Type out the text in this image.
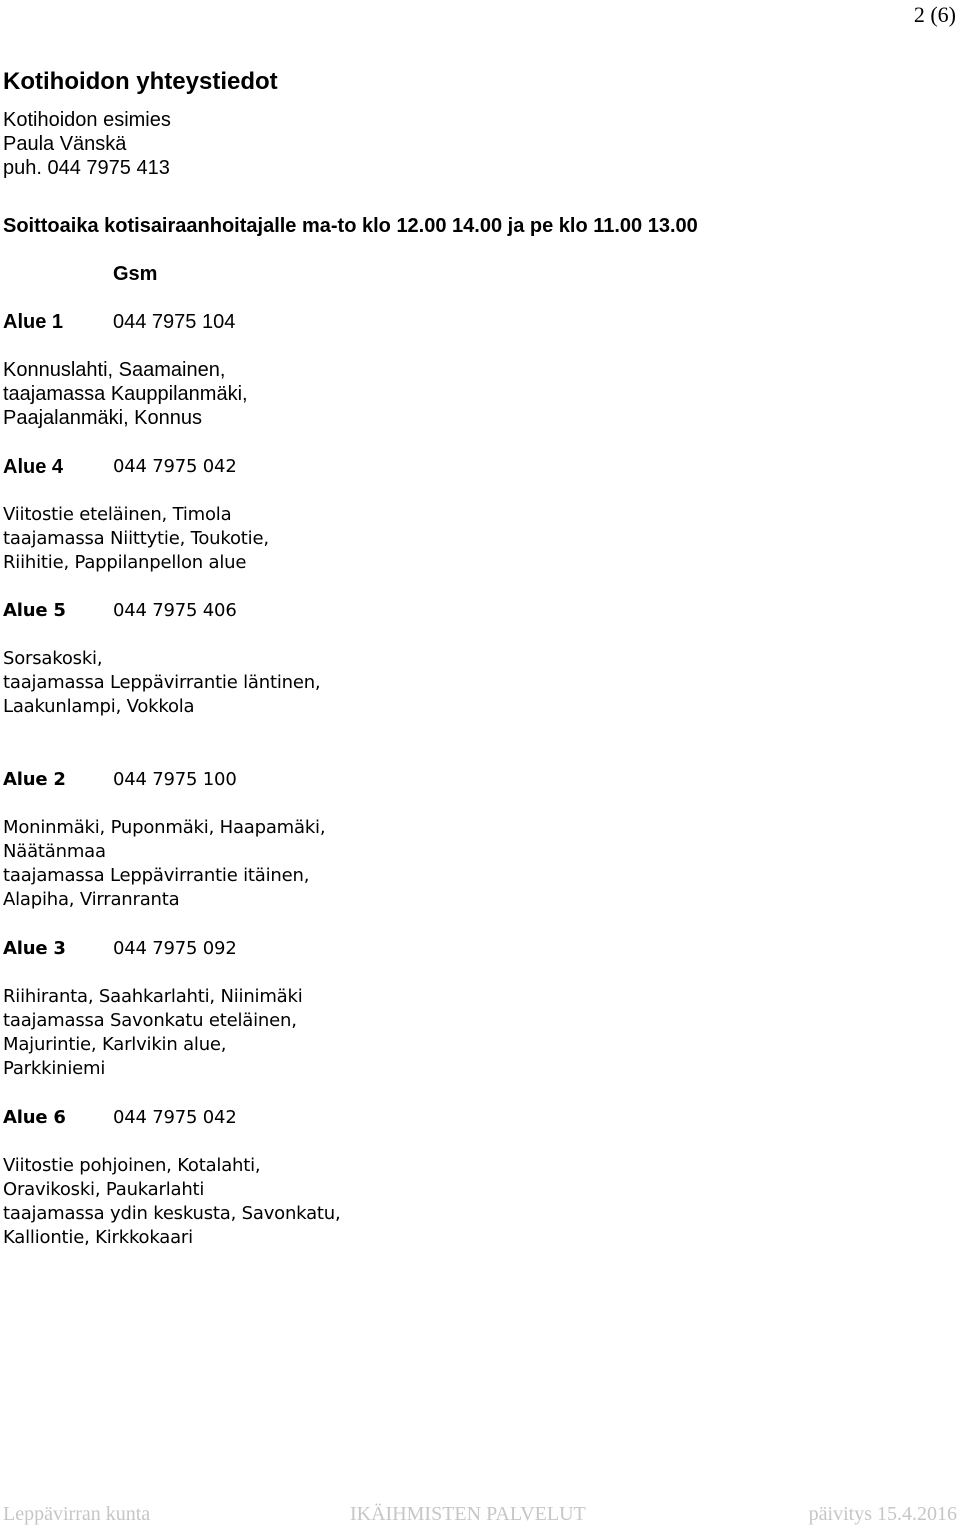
2 (6)
Kotihoidon yhteystiedot
Kotihoidon esimies
Paula Vänskä
puh. 044 7975 413
Soittoaika kotisairaanhoitajalle ma-to klo 12.00 14.00 ja pe klo 11.00 13.00
Gsm
Alue 1 044 7975 104
Konnuslahti, Saamainen,
taajamassa Kauppilanmäki,
Paajalanmäki, Konnus
Alue 4	044 7975 042
Viitostie eteläinen, Timola
taajamassa Niittytie, Toukotie,
Riihitie, Pappilanpellon alue
Alue 5	044 7975 406
Sorsakoski,
taajamassa Leppävirrantie läntinen,
Laakunlampi, Vokkola
Alue 2	044 7975 100
Moninmäki, Puponmäki, Haapamäki,
Näätänmaa
taajamassa Leppävirrantie itäinen,
Alapiha, Virranranta
Alue 3	044 7975 092
Riihiranta, Saahkarlahti, Niinimäki
taajamassa Savonkatu eteläinen,
Majurintie, Karlvikin alue,
Parkkiniemi
Alue 6	044 7975 042
Viitostie pohjoinen, Kotalahti,
Oravikoski, Paukarlahti
taajamassa ydin keskusta, Savonkatu,
Kalliontie, Kirkkokaari
Leppävirran kunta	IKÄIHMISTEN PALVELUT	päivitys 15.4.2016
